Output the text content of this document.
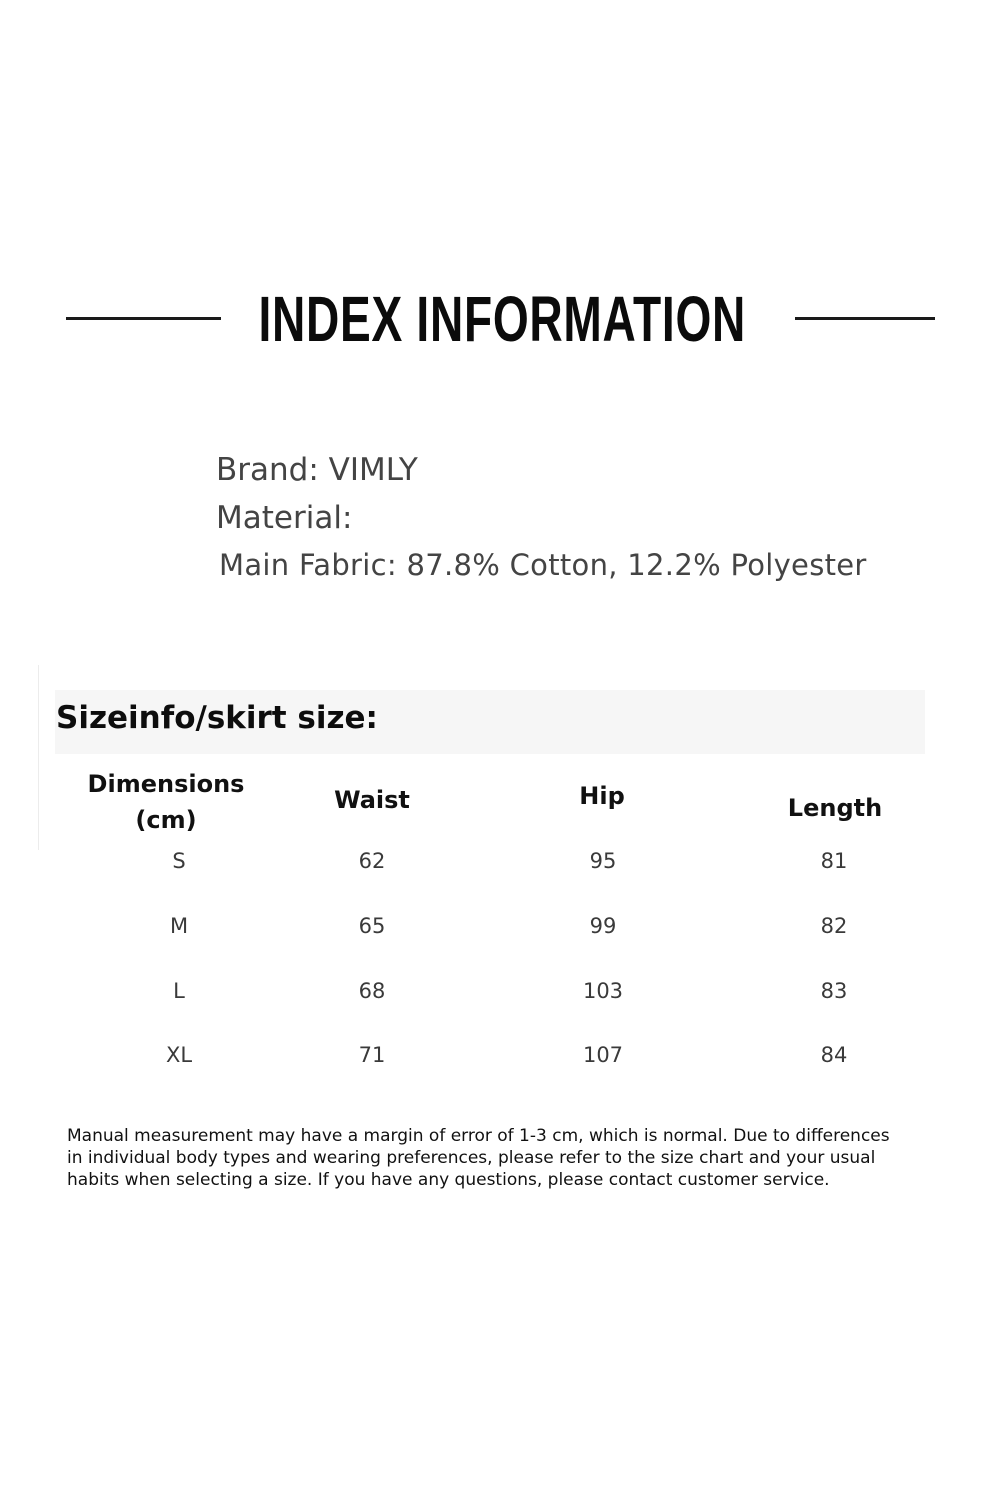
INDEX INFORMATION
Brand: VIMLY
Material:
Main Fabric: 87.8% Cotton, 12.2% Polyester
Sizeinfo/skirt size:
Dimensions
(cm)
Waist	Hip	Length
S	62	95	81
M	65	99	82
L	68	103	83
XL	71	107	84
Manual measurement may have a margin of error of 1-3 cm, which is normal. Due to differences
in individual body types and wearing preferences, please refer to the size chart and your usual
habits when selecting a size. If you have any questions, please contact customer service.
